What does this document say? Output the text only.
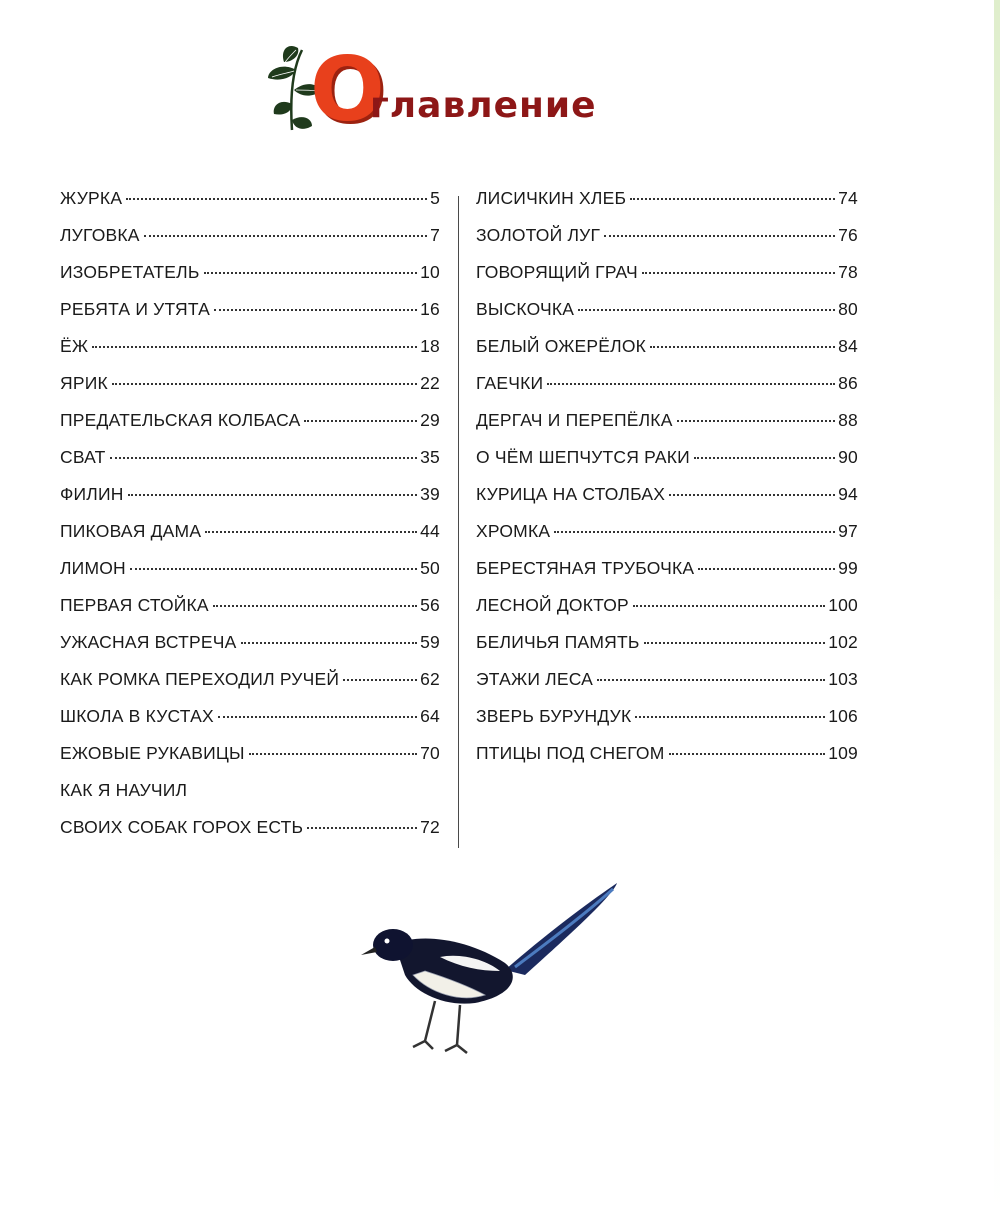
О
главление
ЖУРКА	5
ЛУГОВКА	7
ИЗОБРЕТАТЕЛЬ	10
РЕБЯТА И УТЯТА	16
ЁЖ	18
ЯРИК	22
ПРЕДАТЕЛЬСКАЯ КОЛБАСА	29
СВАТ	35
ФИЛИН	39
ПИКОВАЯ ДАМА	44
ЛИМОН	50
ПЕРВАЯ СТОЙКА	56
УЖАСНАЯ ВСТРЕЧА	59
КАК РОМКА ПЕРЕХОДИЛ РУЧЕЙ	62
ШКОЛА В КУСТАХ	64
ЕЖОВЫЕ РУКАВИЦЫ	70
КАК Я НАУЧИЛ
СВОИХ СОБАК ГОРОХ ЕСТЬ	72
ЛИСИЧКИН ХЛЕБ	74
ЗОЛОТОЙ ЛУГ	76
ГОВОРЯЩИЙ ГРАЧ	78
ВЫСКОЧКА	80
БЕЛЫЙ ОЖЕРЁЛОК	84
ГАЕЧКИ	86
ДЕРГАЧ И ПЕРЕПЁЛКА	88
О ЧЁМ ШЕПЧУТСЯ РАКИ	90
КУРИЦА НА СТОЛБАХ	94
ХРОМКА	97
БЕРЕСТЯНАЯ ТРУБОЧКА	99
ЛЕСНОЙ ДОКТОР	100
БЕЛИЧЬЯ ПАМЯТЬ	102
ЭТАЖИ ЛЕСА	103
ЗВЕРЬ БУРУНДУК	106
ПТИЦЫ ПОД СНЕГОМ	109
